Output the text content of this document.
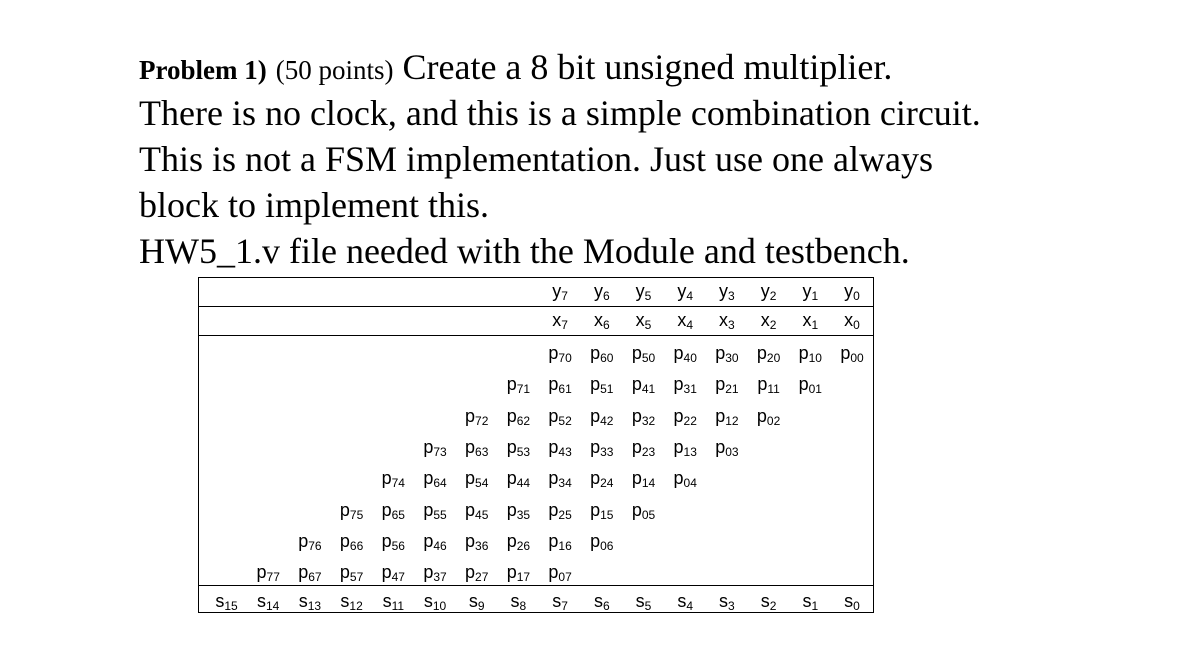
Problem 1) (50 points) Create a 8 bit unsigned multiplier.
There is no clock, and this is a simple combination circuit.
This is not a FSM implementation. Just use one always
block to implement this.
HW5_1.v file needed with the Module and testbench.
$y_7$ $y_6$ $y_5$ $y_4$ $y_3$ $y_2$ $y_1$ $y_0$
$x_7$ $x_6$ $x_5$ $x_4$ $x_3$ $x_2$ $x_1$ $x_0$
$p_{70}$ $p_{60}$ $p_{50}$ $p_{40}$ $p_{30}$ $p_{20}$ $p_{10}$ $p_{00}$
$p_{71}$ $p_{61}$ $p_{51}$ $p_{41}$ $p_{31}$ $p_{21}$ $p_{11}$ $p_{01}$
$p_{72}$ $p_{62}$ $p_{52}$ $p_{42}$ $p_{32}$ $p_{22}$ $p_{12}$ $p_{02}$
$p_{73}$ $p_{63}$ $p_{53}$ $p_{43}$ $p_{33}$ $p_{23}$ $p_{13}$ $p_{03}$
$p_{74}$ $p_{64}$ $p_{54}$ $p_{44}$ $p_{34}$ $p_{24}$ $p_{14}$ $p_{04}$
$p_{75}$ $p_{65}$ $p_{55}$ $p_{45}$ $p_{35}$ $p_{25}$ $p_{15}$ $p_{05}$
$p_{76}$ $p_{66}$ $p_{56}$ $p_{46}$ $p_{36}$ $p_{26}$ $p_{16}$ $p_{06}$
$p_{77}$ $p_{67}$ $p_{57}$ $p_{47}$ $p_{37}$ $p_{27}$ $p_{17}$ $p_{07}$
$s_{15}$ $s_{14}$ $s_{13}$ $s_{12}$ $s_{11}$ $s_{10}$ $s_9$ $s_8$ $s_7$ $s_6$ $s_5$ $s_4$ $s_3$ $s_2$ $s_1$ $s_0$
